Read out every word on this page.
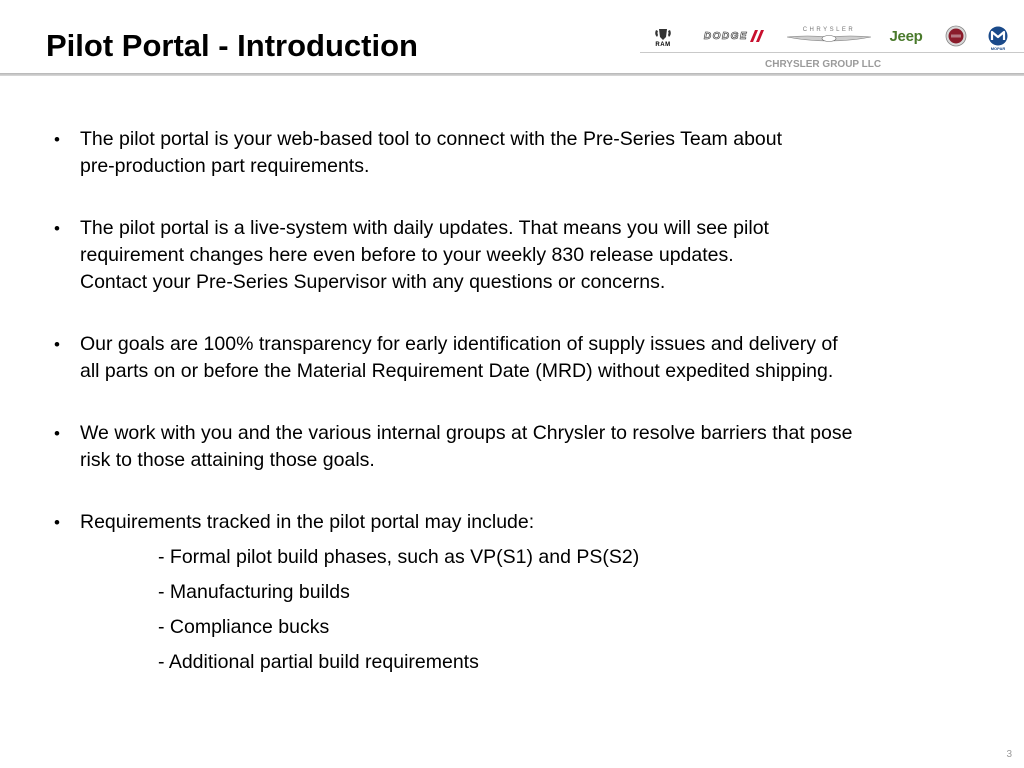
Pilot Portal - Introduction	RAM
DODGE
CHRYSLER Jeep
MOPAR
CHRYSLER GROUP LLC
• The pilot portal is your web-based tool to connect with the Pre-Series Team about
pre-production part requirements.
• The pilot portal is a live-system with daily updates. That means you will see pilot
requirement changes here even before to your weekly 830 release updates.
Contact your Pre-Series Supervisor with any questions or concerns.
• Our goals are 100% transparency for early identification of supply issues and delivery of
all parts on or before the Material Requirement Date (MRD) without expedited shipping.
• We work with you and the various internal groups at Chrysler to resolve barriers that pose
risk to those attaining those goals.
• Requirements tracked in the pilot portal may include:
- Formal pilot build phases, such as VP(S1) and PS(S2)
- Manufacturing builds
- Compliance bucks
- Additional partial build requirements
3
